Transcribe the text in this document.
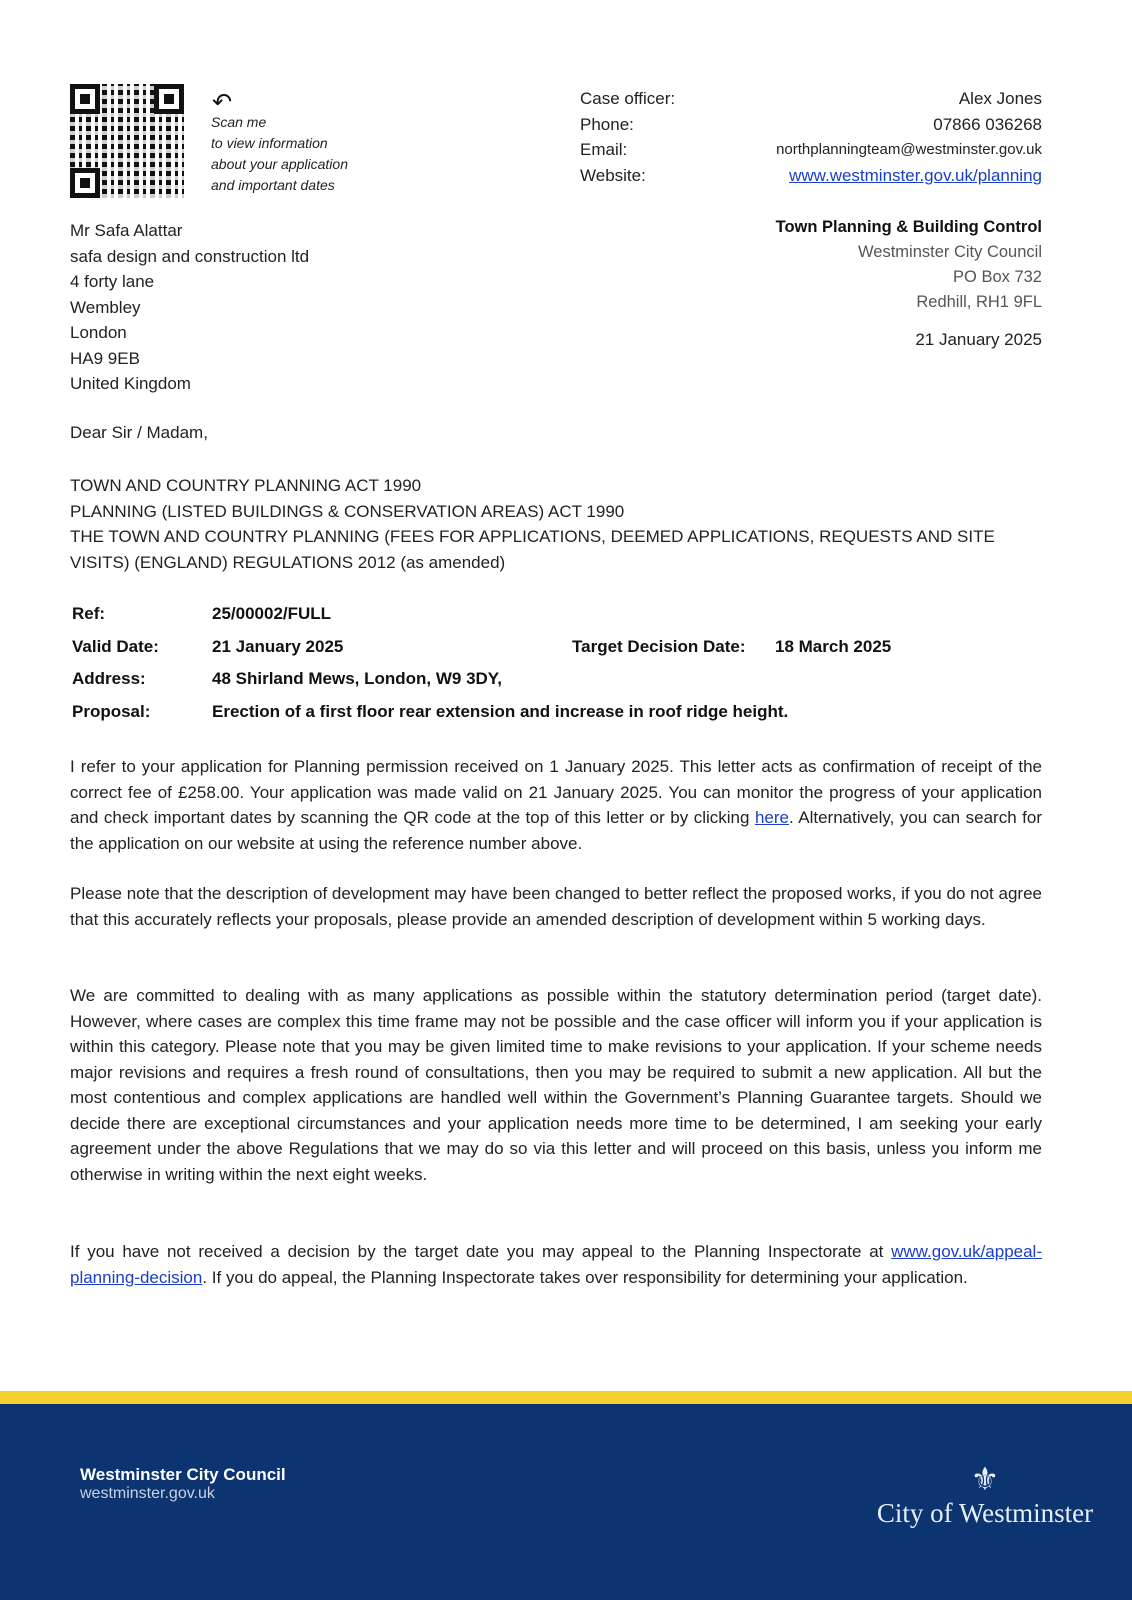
↶
Scan me
to view information
about your application
and important dates
Case officer:	Alex Jones
Phone:	07866 036268
Email:	northplanningteam@westminster.gov.uk
Website:	www.westminster.gov.uk/planning
Town Planning & Building Control
Westminster City Council
PO Box 732
Redhill, RH1 9FL
21 January 2025
Mr Safa Alattar
safa design and construction ltd
4 forty lane
Wembley
London
HA9 9EB
United Kingdom
Dear Sir / Madam,
TOWN AND COUNTRY PLANNING ACT 1990
PLANNING (LISTED BUILDINGS & CONSERVATION AREAS) ACT 1990
THE TOWN AND COUNTRY PLANNING (FEES FOR APPLICATIONS, DEEMED APPLICATIONS, REQUESTS AND SITE VISITS) (ENGLAND) REGULATIONS 2012 (as amended)
Ref:	25/00002/FULL
Valid Date:	21 January 2025	Target Decision Date: 18 March 2025
Address:	48 Shirland Mews, London, W9 3DY,
Proposal:	Erection of a first floor rear extension and increase in roof ridge height.
I refer to your application for Planning permission received on 1 January 2025. This letter acts as confirmation of receipt of the correct fee of £258.00. Your application was made valid on 21 January 2025. You can monitor the progress of your application and check important dates by scanning the QR code at the top of this letter or by clicking here. Alternatively, you can search for the application on our website at using the reference number above.
Please note that the description of development may have been changed to better reflect the proposed works, if you do not agree that this accurately reflects your proposals, please provide an amended description of development within 5 working days.
We are committed to dealing with as many applications as possible within the statutory determination period (target date). However, where cases are complex this time frame may not be possible and the case officer will inform you if your application is within this category. Please note that you may be given limited time to make revisions to your application. If your scheme needs major revisions and requires a fresh round of consultations, then you may be required to submit a new application. All but the most contentious and complex applications are handled well within the Government’s Planning Guarantee targets. Should we decide there are exceptional circumstances and your application needs more time to be determined, I am seeking your early agreement under the above Regulations that we may do so via this letter and will proceed on this basis, unless you inform me otherwise in writing within the next eight weeks.
If you have not received a decision by the target date you may appeal to the Planning Inspectorate at www.gov.uk/appeal-planning-decision. If you do appeal, the Planning Inspectorate takes over responsibility for determining your application.
Westminster City Council
westminster.gov.uk	⚜
City of Westminster
